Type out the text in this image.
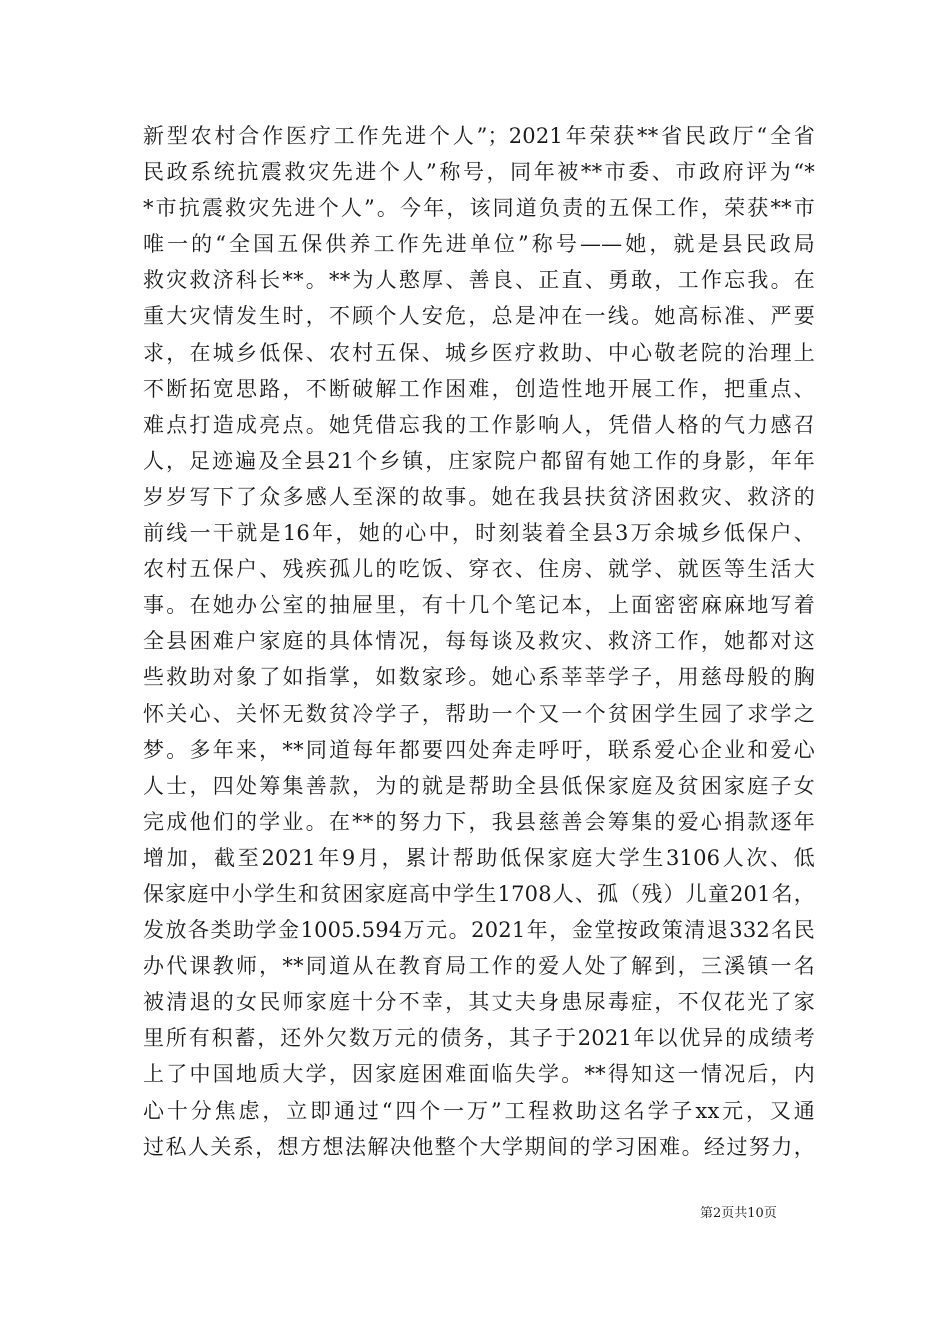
新型农村合作医疗工作先进个人”；2021年荣获**省民政厅“全省
民政系统抗震救灾先进个人”称号，同年被**市委、市政府评为“*
*市抗震救灾先进个人”。今年，该同道负责的五保工作，荣获**市
唯一的“全国五保供养工作先进单位”称号——她，就是县民政局
救灾救济科长**。**为人憨厚、善良、正直、勇敢，工作忘我。在
重大灾情发生时，不顾个人安危，总是冲在一线。她高标准、严要
求，在城乡低保、农村五保、城乡医疗救助、中心敬老院的治理上
不断拓宽思路，不断破解工作困难，创造性地开展工作，把重点、
难点打造成亮点。她凭借忘我的工作影响人，凭借人格的气力感召
人，足迹遍及全县21个乡镇，庄家院户都留有她工作的身影，年年
岁岁写下了众多感人至深的故事。她在我县扶贫济困救灾、救济的
前线一干就是16年，她的心中，时刻装着全县3万余城乡低保户、
农村五保户、残疾孤儿的吃饭、穿衣、住房、就学、就医等生活大
事。在她办公室的抽屉里，有十几个笔记本，上面密密麻麻地写着
全县困难户家庭的具体情况，每每谈及救灾、救济工作，她都对这
些救助对象了如指掌，如数家珍。她心系莘莘学子，用慈母般的胸
怀关心、关怀无数贫冷学子，帮助一个又一个贫困学生园了求学之
梦。多年来，**同道每年都要四处奔走呼吁，联系爱心企业和爱心
人士，四处筹集善款，为的就是帮助全县低保家庭及贫困家庭子女
完成他们的学业。在**的努力下，我县慈善会筹集的爱心捐款逐年
增加，截至2021年9月，累计帮助低保家庭大学生3106人次、低
保家庭中小学生和贫困家庭高中学生1708人、孤（残）儿童201名，
发放各类助学金1005.594万元。2021年，金堂按政策清退332名民
办代课教师，**同道从在教育局工作的爱人处了解到，三溪镇一名
被清退的女民师家庭十分不幸，其丈夫身患尿毒症，不仅花光了家
里所有积蓄，还外欠数万元的债务，其子于2021年以优异的成绩考
上了中国地质大学，因家庭困难面临失学。**得知这一情况后，内
心十分焦虑，立即通过“四个一万”工程救助这名学子xx元，又通
过私人关系，想方想法解决他整个大学期间的学习困难。经过努力，
第2页共10页
